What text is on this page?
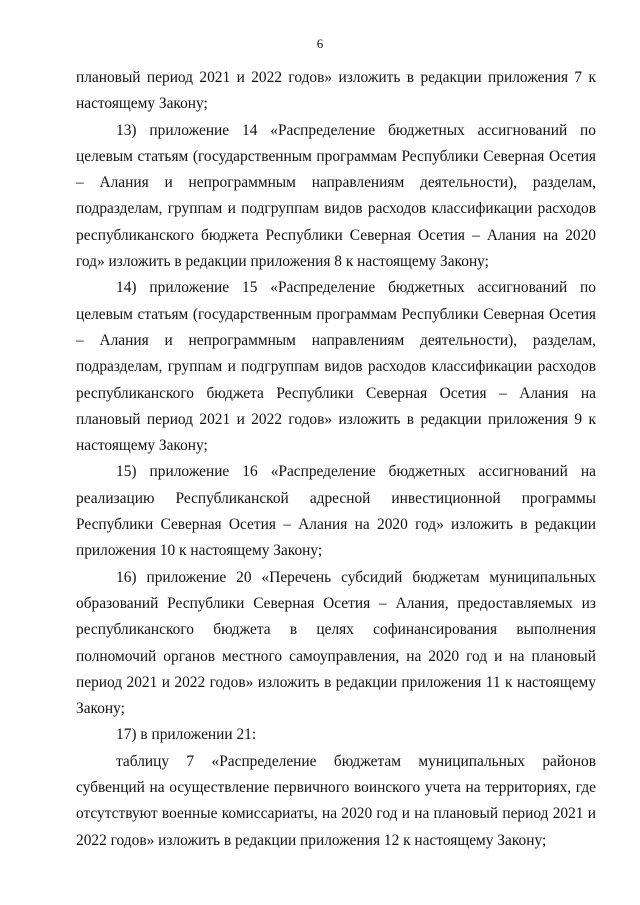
6

плановый период 2021 и 2022 годов» изложить в редакции приложения 7 к настоящему Закону;

13) приложение 14 «Распределение бюджетных ассигнований по целевым статьям (государственным программам Республики Северная Осетия – Алания и непрограммным направлениям деятельности), разделам, подразделам, группам и подгруппам видов расходов классификации расходов республиканского бюджета Республики Северная Осетия – Алания на 2020 год» изложить в редакции приложения 8 к настоящему Закону;

14) приложение 15 «Распределение бюджетных ассигнований по целевым статьям (государственным программам Республики Северная Осетия – Алания и непрограммным направлениям деятельности), разделам, подразделам, группам и подгруппам видов расходов классификации расходов республиканского бюджета Республики Северная Осетия – Алания на плановый период 2021 и 2022 годов» изложить в редакции приложения 9 к настоящему Закону;

15) приложение 16 «Распределение бюджетных ассигнований на реализацию Республиканской адресной инвестиционной программы Республики Северная Осетия – Алания на 2020 год» изложить в редакции приложения 10 к настоящему Закону;

16) приложение 20 «Перечень субсидий бюджетам муниципальных образований Республики Северная Осетия – Алания, предоставляемых из республиканского бюджета в целях софинансирования выполнения полномочий органов местного самоуправления, на 2020 год и на плановый период 2021 и 2022 годов» изложить в редакции приложения 11 к настоящему Закону;

17) в приложении 21:

таблицу 7 «Распределение бюджетам муниципальных районов субвенций на осуществление первичного воинского учета на территориях, где отсутствуют военные комиссариаты, на 2020 год и на плановый период 2021 и 2022 годов» изложить в редакции приложения 12 к настоящему Закону;
